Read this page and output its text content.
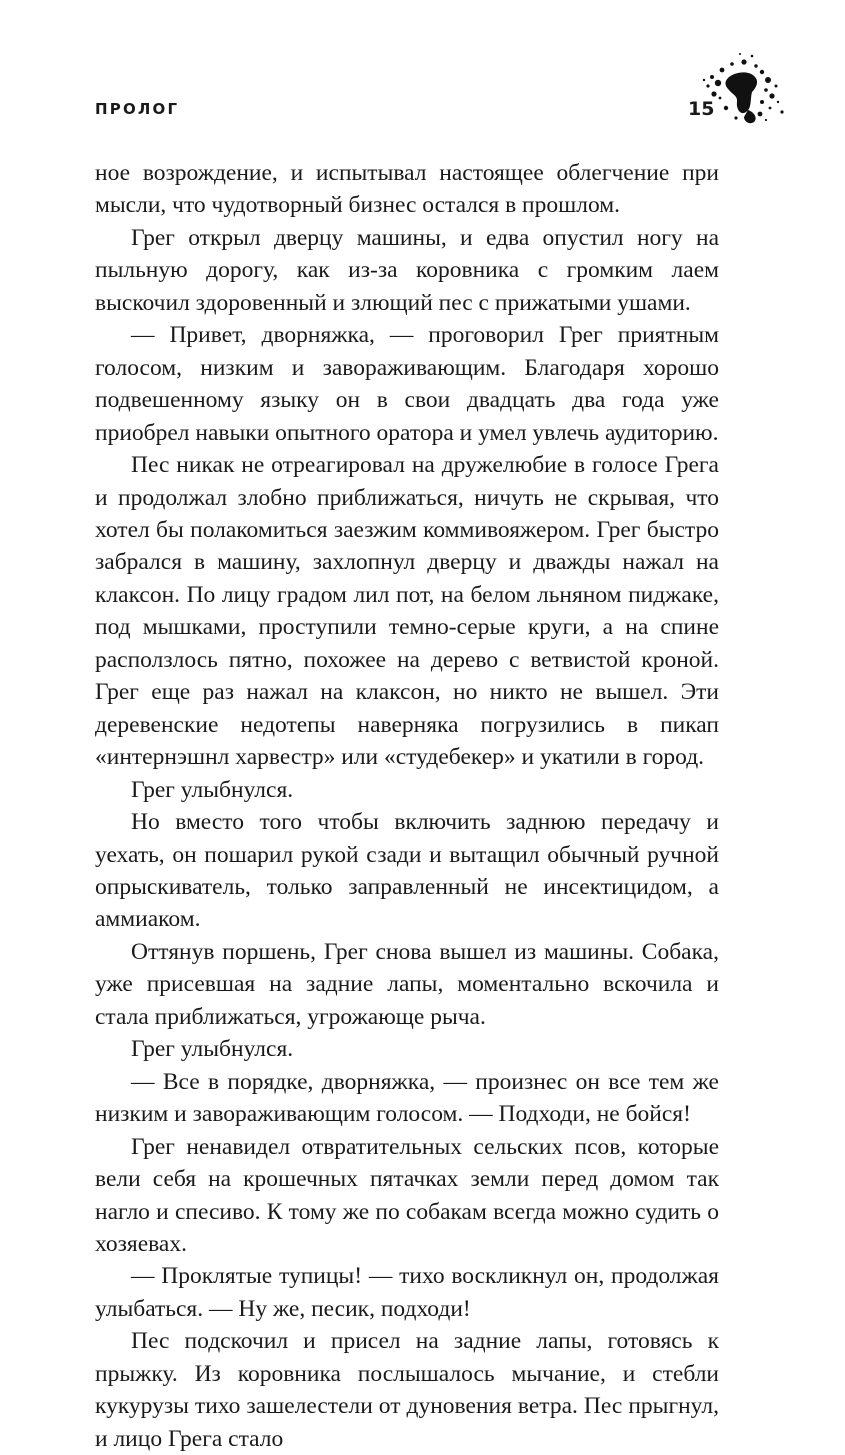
ПРОЛОГ	15

ное возрождение, и испытывал настоящее облегчение при мысли, что чудотворный бизнес остался в прошлом.

Грег открыл дверцу машины, и едва опустил ногу на пыльную дорогу, как из-за коровника с громким лаем выскочил здоровенный и злющий пес с прижатыми ушами.

— Привет, дворняжка, — проговорил Грег приятным голосом, низким и завораживающим. Благодаря хорошо подвешенному языку он в свои двадцать два года уже приобрел навыки опытного оратора и умел увлечь аудиторию.

Пес никак не отреагировал на дружелюбие в голосе Грега и продолжал злобно приближаться, ничуть не скрывая, что хотел бы полакомиться заезжим коммивояжером. Грег быстро забрался в машину, захлопнул дверцу и дважды нажал на клаксон. По лицу градом лил пот, на белом льняном пиджаке, под мышками, проступили темно-серые круги, а на спине расползлось пятно, похожее на дерево с ветвистой кроной. Грег еще раз нажал на клаксон, но никто не вышел. Эти деревенские недотепы наверняка погрузились в пикап «интернэшнл харвестр» или «студебекер» и укатили в город.

Грег улыбнулся.

Но вместо того чтобы включить заднюю передачу и уехать, он пошарил рукой сзади и вытащил обычный ручной опрыскиватель, только заправленный не инсектицидом, а аммиаком.

Оттянув поршень, Грег снова вышел из машины. Собака, уже присевшая на задние лапы, моментально вскочила и стала приближаться, угрожающе рыча.

Грег улыбнулся.

— Все в порядке, дворняжка, — произнес он все тем же низким и завораживающим голосом. — Подходи, не бойся!

Грег ненавидел отвратительных сельских псов, которые вели себя на крошечных пятачках земли перед домом так нагло и спесиво. К тому же по собакам всегда можно судить о хозяевах.

— Проклятые тупицы! — тихо воскликнул он, продолжая улыбаться. — Ну же, песик, подходи!

Пес подскочил и присел на задние лапы, готовясь к прыжку. Из коровника послышалось мычание, и стебли кукурузы тихо зашелестели от дуновения ветра. Пес прыгнул, и лицо Грега стало
